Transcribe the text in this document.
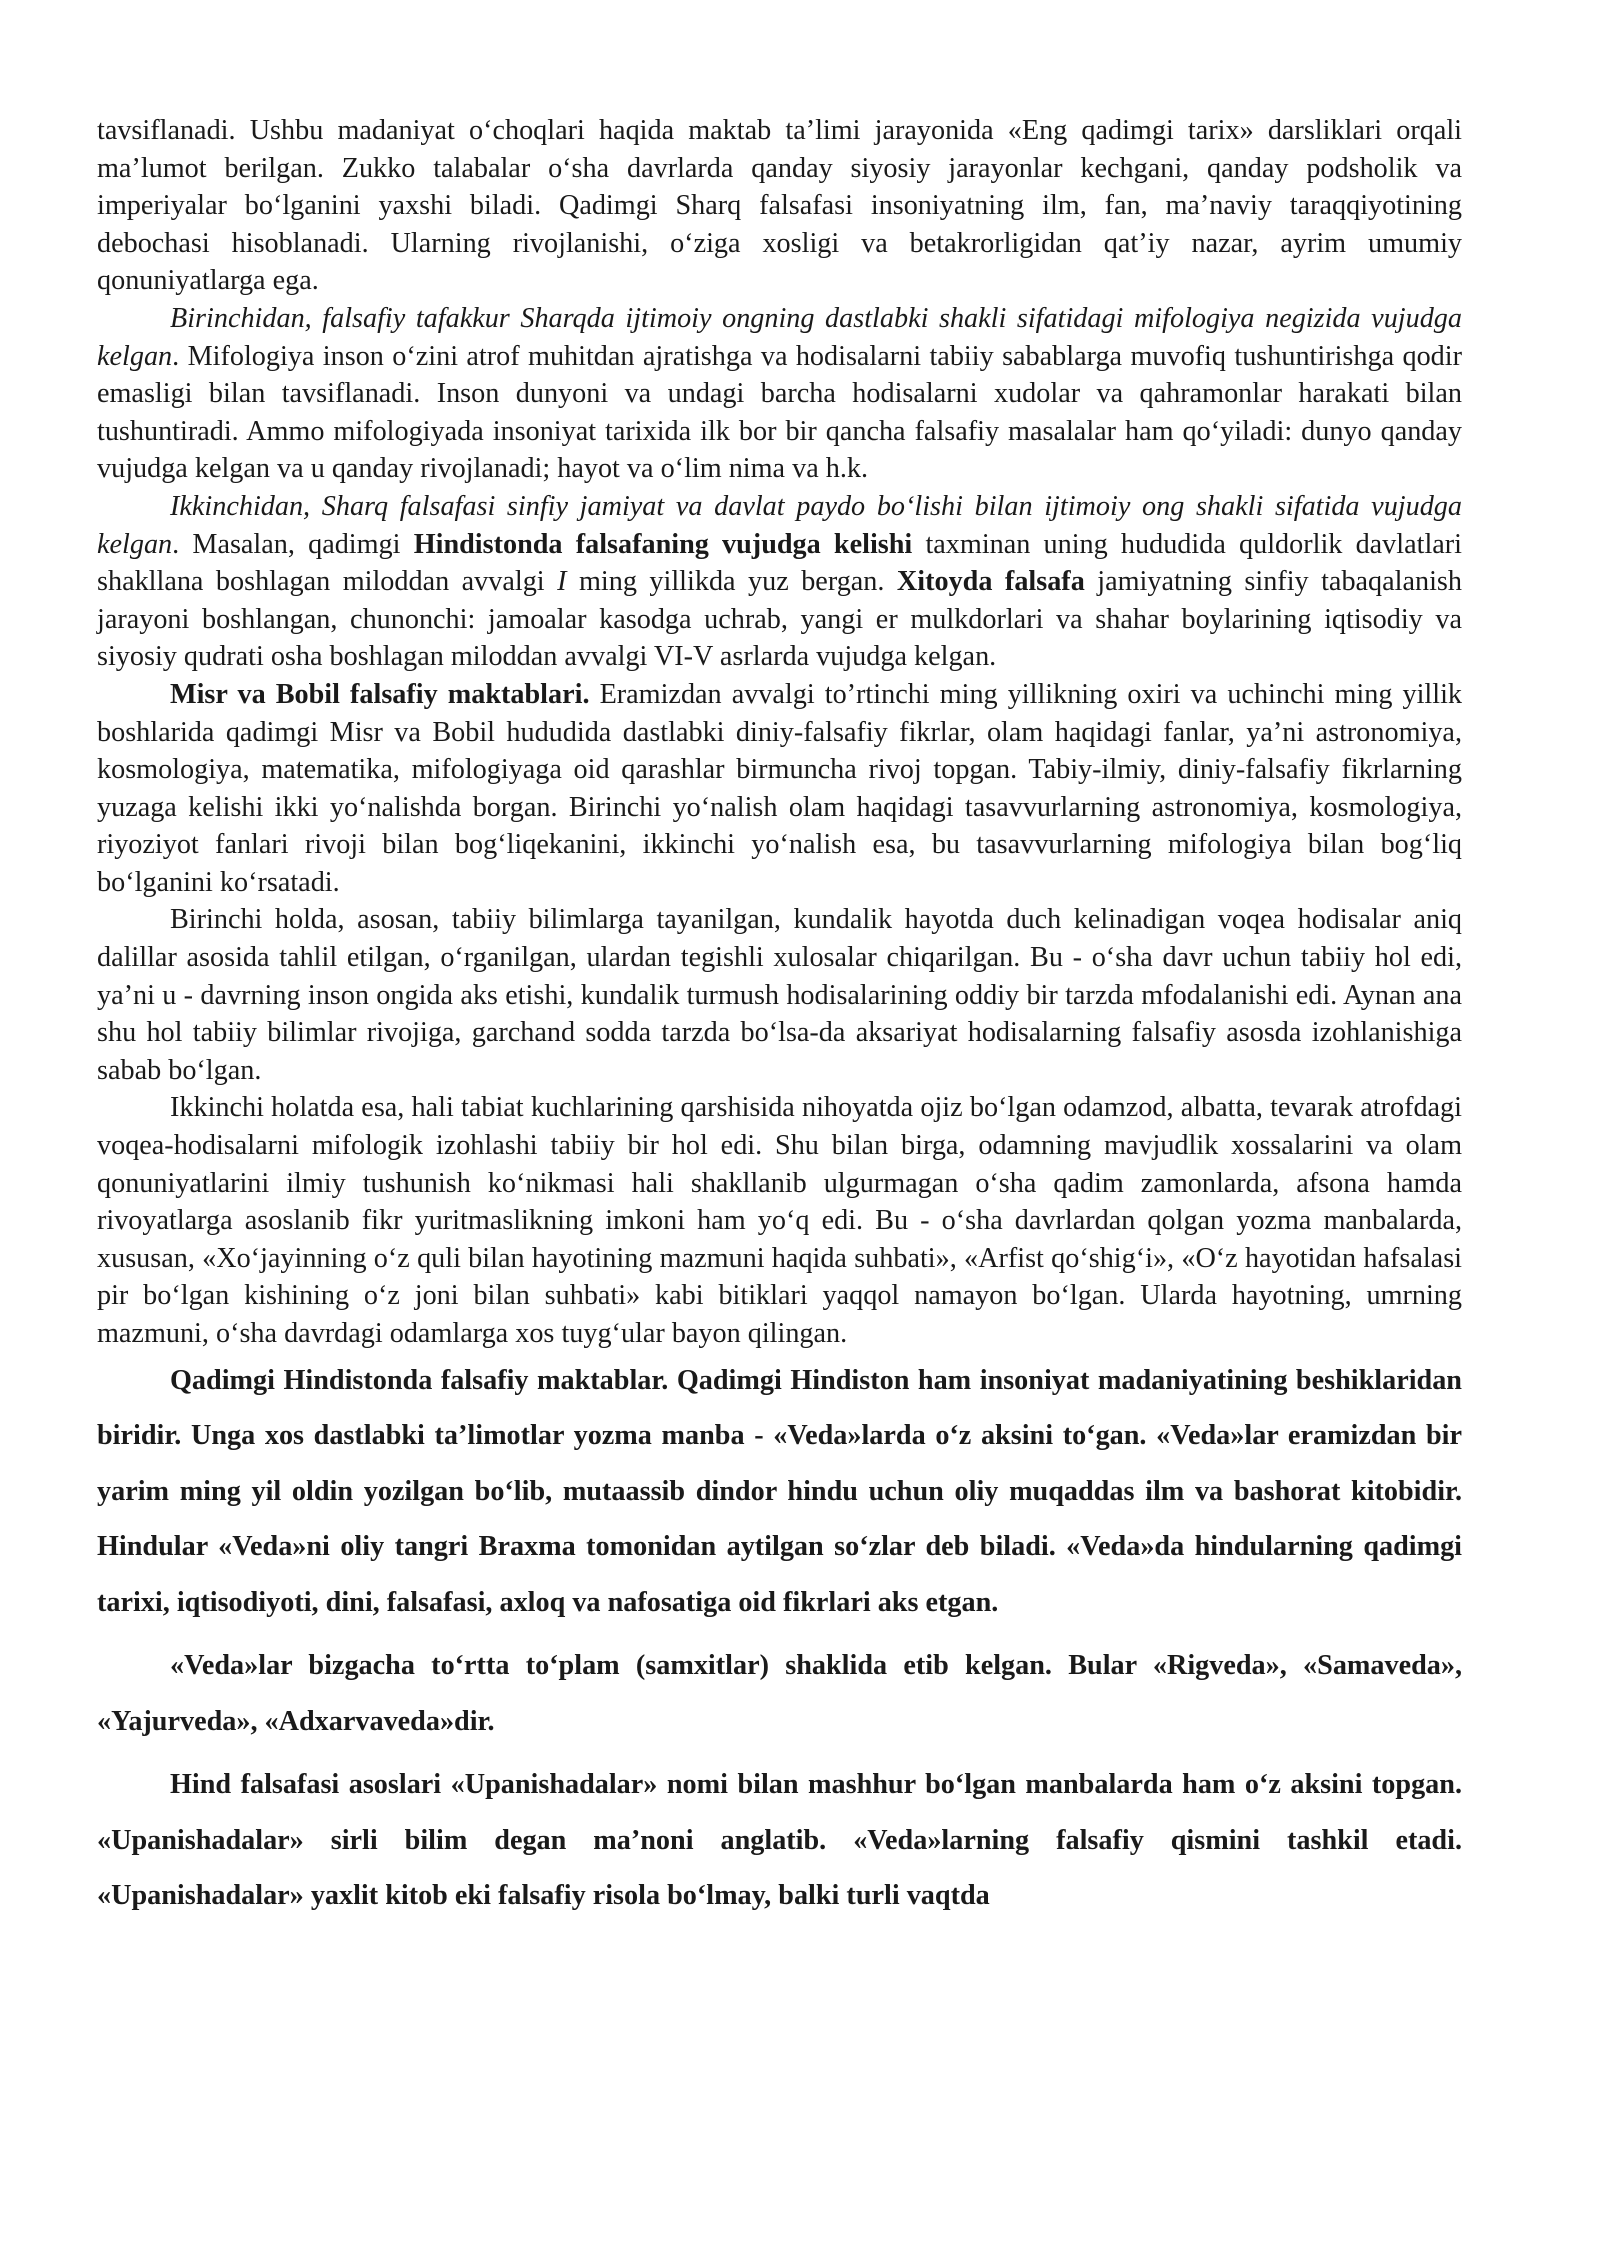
tavsiflanadi. Ushbu madaniyat o‘choqlari haqida maktab ta’limi jarayonida «Eng qadimgi tarix» darsliklari orqali ma’lumot berilgan. Zukko talabalar o‘sha davrlarda qanday siyosiy jarayonlar kechgani, qanday podsholik va imperiyalar bo‘lganini yaxshi biladi. Qadimgi Sharq falsafasi insoniyatning ilm, fan, ma’naviy taraqqiyotining debochasi hisoblanadi. Ularning rivojlanishi, o‘ziga xosligi va betakrorligidan qat’iy nazar, ayrim umumiy qonuniyatlarga ega.

Birinchidan, falsafiy tafakkur Sharqda ijtimoiy ongning dastlabki shakli sifatidagi mifologiya negizida vujudga kelgan. Mifologiya inson o‘zini atrof muhitdan ajratishga va hodisalarni tabiiy sabablarga muvofiq tushuntirishga qodir emasligi bilan tavsiflanadi. Inson dunyoni va undagi barcha hodisalarni xudolar va qahramonlar harakati bilan tushuntiradi. Ammo mifologiyada insoniyat tarixida ilk bor bir qancha falsafiy masalalar ham qo‘yiladi: dunyo qanday vujudga kelgan va u qanday rivojlanadi; hayot va o‘lim nima va h.k.

Ikkinchidan, Sharq falsafasi sinfiy jamiyat va davlat paydo bo‘lishi bilan ijtimoiy ong shakli sifatida vujudga kelgan. Masalan, qadimgi Hindistonda falsafaning vujudga kelishi taxminan uning hududida quldorlik davlatlari shakllana boshlagan miloddan avvalgi I ming yillikda yuz bergan. Xitoyda falsafa jamiyatning sinfiy tabaqalanish jarayoni boshlangan, chunonchi: jamoalar kasodga uchrab, yangi er mulkdorlari va shahar boylarining iqtisodiy va siyosiy qudrati osha boshlagan miloddan avvalgi VI-V asrlarda vujudga kelgan.

Misr va Bobil falsafiy maktablari. Eramizdan avvalgi to’rtinchi ming yillikning oxiri va uchinchi ming yillik boshlarida qadimgi Misr va Bobil hududida dastlabki diniy-falsafiy fikrlar, olam haqidagi fanlar, ya’ni astronomiya, kosmologiya, matematika, mifologiyaga oid qarashlar birmuncha rivoj topgan. Tabiy-ilmiy, diniy-falsafiy fikrlarning yuzaga kelishi ikki yo‘nalishda borgan. Birinchi yo‘nalish olam haqidagi tasavvurlarning astronomiya, kosmologiya, riyoziyot fanlari rivoji bilan bog‘liqekanini, ikkinchi yo‘nalish esa, bu tasavvurlarning mifologiya bilan bog‘liq bo‘lganini ko‘rsatadi.

Birinchi holda, asosan, tabiiy bilimlarga tayanilgan, kundalik hayotda duch kelinadigan voqea hodisalar aniq dalillar asosida tahlil etilgan, o‘rganilgan, ulardan tegishli xulosalar chiqarilgan. Bu - o‘sha davr uchun tabiiy hol edi, ya’ni u - davrning inson ongida aks etishi, kundalik turmush hodisalarining oddiy bir tarzda mfodalanishi edi. Aynan ana shu hol tabiiy bilimlar rivojiga, garchand sodda tarzda bo‘lsa-da aksariyat hodisalarning falsafiy asosda izohlanishiga sabab bo‘lgan.

Ikkinchi holatda esa, hali tabiat kuchlarining qarshisida nihoyatda ojiz bo‘lgan odamzod, albatta, tevarak atrofdagi voqea-hodisalarni mifologik izohlashi tabiiy bir hol edi. Shu bilan birga, odamning mavjudlik xossalarini va olam qonuniyatlarini ilmiy tushunish ko‘nikmasi hali shakllanib ulgurmagan o‘sha qadim zamonlarda, afsona hamda rivoyatlarga asoslanib fikr yuritmaslikning imkoni ham yo‘q edi. Bu - o‘sha davrlardan qolgan yozma manbalarda, xususan, «Xo‘jayinning o‘z quli bilan hayotining mazmuni haqida suhbati», «Arfist qo‘shig‘i», «O‘z hayotidan hafsalasi pir bo‘lgan kishining o‘z joni bilan suhbati» kabi bitiklari yaqqol namayon bo‘lgan. Ularda hayotning, umrning mazmuni, o‘sha davrdagi odamlarga xos tuyg‘ular bayon qilingan.

Qadimgi Hindistonda falsafiy maktablar. Qadimgi Hindiston ham insoniyat madaniyatining beshiklaridan biridir. Unga xos dastlabki ta’limotlar yozma manba - «Veda»larda o‘z aksini to‘gan. «Veda»lar eramizdan bir yarim ming yil oldin yozilgan bo‘lib, mutaassib dindor hindu uchun oliy muqaddas ilm va bashorat kitobidir. Hindular «Veda»ni oliy tangri Braxma tomonidan aytilgan so‘zlar deb biladi. «Veda»da hindularning qadimgi tarixi, iqtisodiyoti, dini, falsafasi, axloq va nafosatiga oid fikrlari aks etgan.

«Veda»lar bizgacha to‘rtta to‘plam (samxitlar) shaklida etib kelgan. Bular «Rigveda», «Samaveda», «Yajurveda», «Adxarvaveda»dir.

Hind falsafasi asoslari «Upanishadalar» nomi bilan mashhur bo‘lgan manbalarda ham o‘z aksini topgan. «Upanishadalar» sirli bilim degan ma’noni anglatib. «Veda»larning falsafiy qismini tashkil etadi. «Upanishadalar» yaxlit kitob eki falsafiy risola bo‘lmay, balki turli vaqtda
